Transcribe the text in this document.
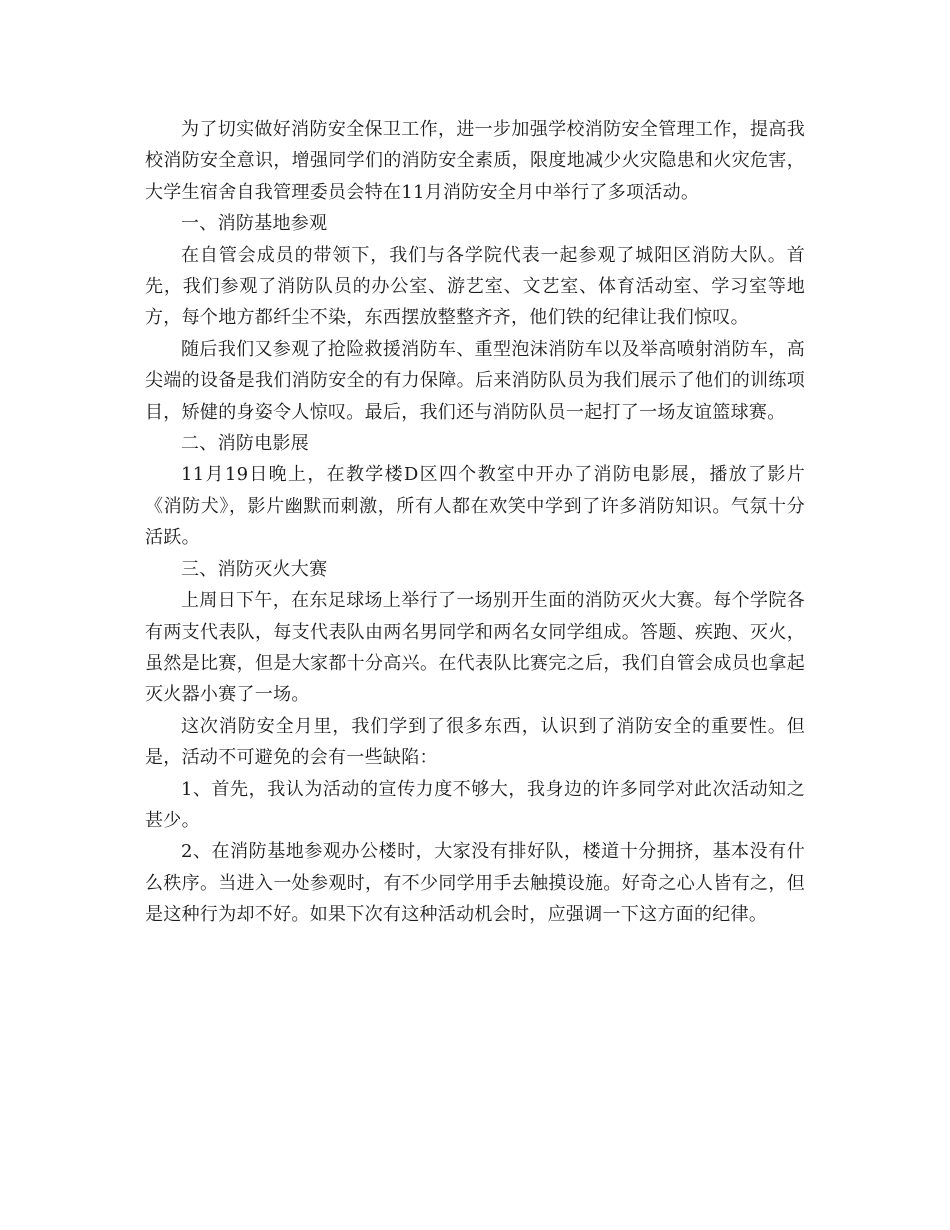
为了切实做好消防安全保卫工作，进一步加强学校消防安全管理工作，提高我校消防安全意识，增强同学们的消防安全素质，限度地减少火灾隐患和火灾危害，大学生宿舍自我管理委员会特在11月消防安全月中举行了多项活动。

一、消防基地参观

在自管会成员的带领下，我们与各学院代表一起参观了城阳区消防大队。首先，我们参观了消防队员的办公室、游艺室、文艺室、体育活动室、学习室等地方，每个地方都纤尘不染，东西摆放整整齐齐，他们铁的纪律让我们惊叹。

随后我们又参观了抢险救援消防车、重型泡沫消防车以及举高喷射消防车，高尖端的设备是我们消防安全的有力保障。后来消防队员为我们展示了他们的训练项目，矫健的身姿令人惊叹。最后，我们还与消防队员一起打了一场友谊篮球赛。

二、消防电影展

11月19日晚上，在教学楼D区四个教室中开办了消防电影展，播放了影片《消防犬》，影片幽默而刺激，所有人都在欢笑中学到了许多消防知识。气氛十分活跃。

三、消防灭火大赛

上周日下午，在东足球场上举行了一场别开生面的消防灭火大赛。每个学院各有两支代表队，每支代表队由两名男同学和两名女同学组成。答题、疾跑、灭火，虽然是比赛，但是大家都十分高兴。在代表队比赛完之后，我们自管会成员也拿起灭火器小赛了一场。

这次消防安全月里，我们学到了很多东西，认识到了消防安全的重要性。但是，活动不可避免的会有一些缺陷：

1、首先，我认为活动的宣传力度不够大，我身边的许多同学对此次活动知之甚少。

2、在消防基地参观办公楼时，大家没有排好队，楼道十分拥挤，基本没有什么秩序。当进入一处参观时，有不少同学用手去触摸设施。好奇之心人皆有之，但是这种行为却不好。如果下次有这种活动机会时，应强调一下这方面的纪律。
